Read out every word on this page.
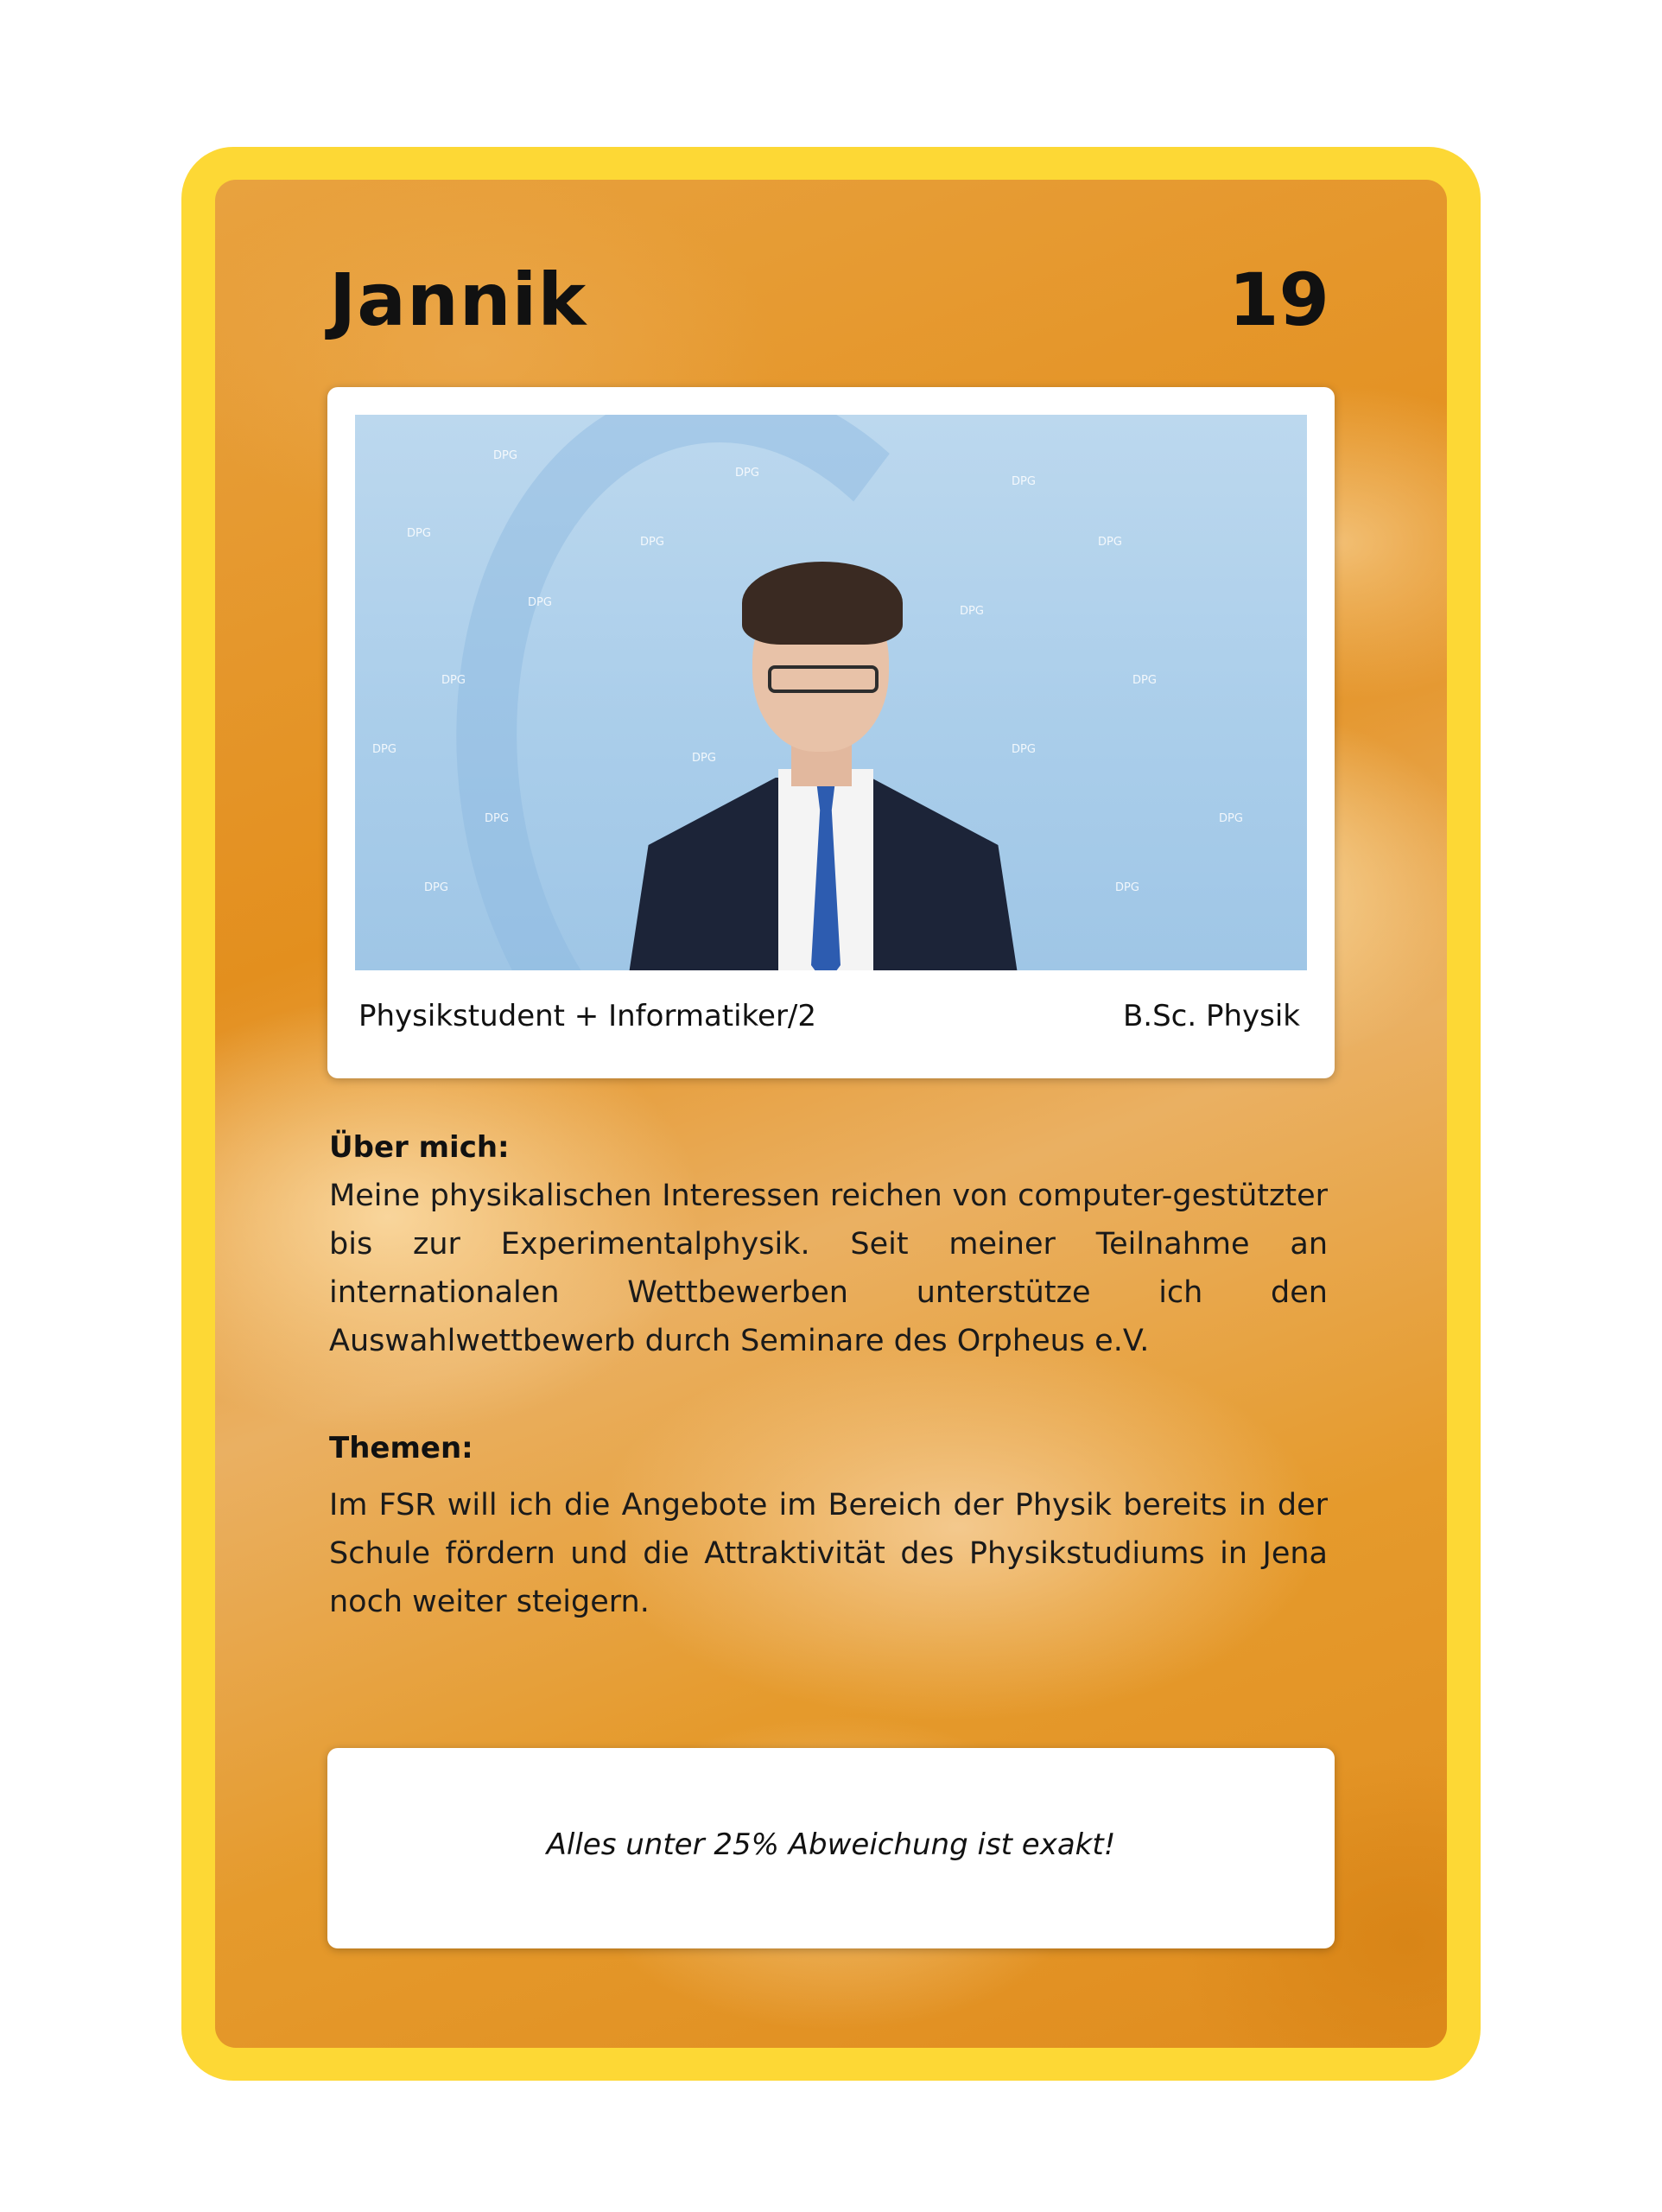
Jannik	19
DPG
DPG
DPG
DPG
DPG	DPG
DPG
DPG
DPG	DPG
DPG
DPG
DPG
DPG	DPG
DPG	DPG
Physikstudent + Informatiker/2	B.Sc. Physik
Über mich:
Meine physikalischen Interessen reichen von computer-gestützter bis zur Experimentalphysik. Seit meiner Teilnahme an internationalen Wettbewerben unterstütze ich den Auswahlwettbewerb durch Seminare des Orpheus e.V.
Themen:
Im FSR will ich die Angebote im Bereich der Physik bereits in der Schule fördern und die Attraktivität des Physikstudiums in Jena noch weiter steigern.
Alles unter 25% Abweichung ist exakt!
